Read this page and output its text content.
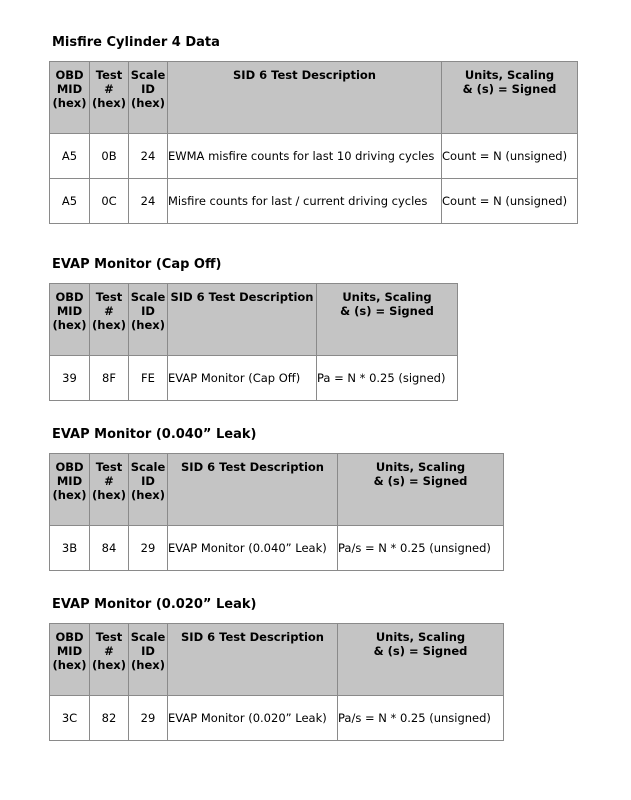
Misfire Cylinder 4 Data
OBD
MID
(hex)	Test
#
(hex)	Scale
ID
(hex)	SID 6 Test Description	Units, Scaling
& (s) = Signed

A5	0B	24	EWMA misfire counts for last 10 driving cycles	Count = N (unsigned)
A5	0C	24	Misfire counts for last / current driving cycles	Count = N (unsigned)
EVAP Monitor (Cap Off)
OBD
MID
(hex)	Test
#
(hex)	Scale
ID
(hex)	SID 6 Test Description	Units, Scaling
& (s) = Signed

39	8F	FE	EVAP Monitor (Cap Off)	Pa = N * 0.25 (signed)
EVAP Monitor (0.040” Leak)
OBD
MID
(hex)	Test
#
(hex)	Scale
ID
(hex)	SID 6 Test Description	Units, Scaling
& (s) = Signed

3B	84	29	EVAP Monitor (0.040” Leak)	Pa/s = N * 0.25 (unsigned)
EVAP Monitor (0.020” Leak)
OBD
MID
(hex)	Test
#
(hex)	Scale
ID
(hex)	SID 6 Test Description	Units, Scaling
& (s) = Signed

3C	82	29	EVAP Monitor (0.020” Leak)	Pa/s = N * 0.25 (unsigned)
